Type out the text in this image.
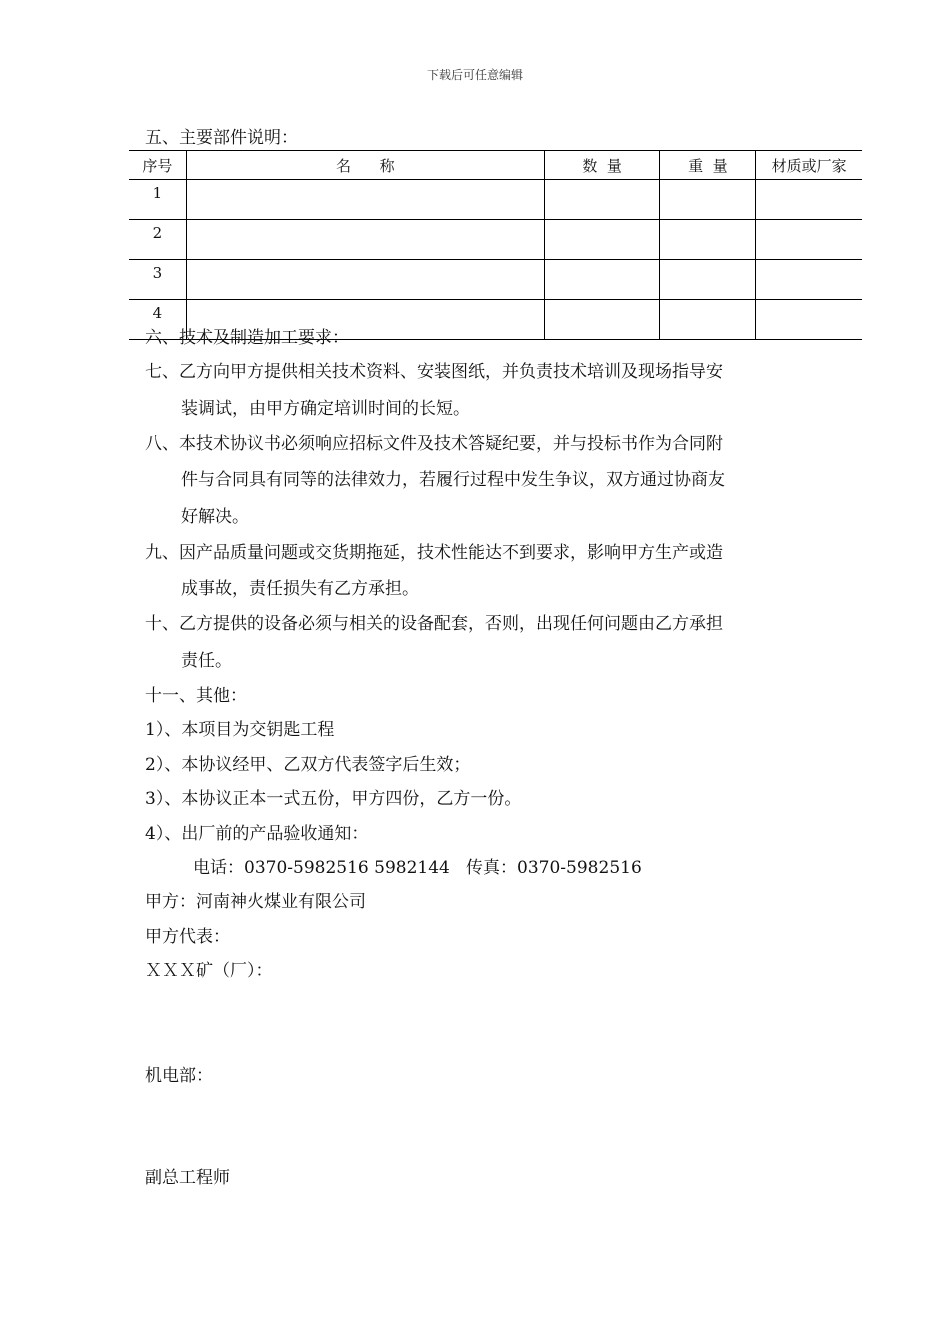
下载后可任意编辑
五、主要部件说明：
序号	名      称	数  量	重  量	材质或厂家
1				
2				
3				
4				
六、技术及制造加工要求：
七、乙方向甲方提供相关技术资料、安装图纸，并负责技术培训及现场指导安
装调试，由甲方确定培训时间的长短。
八、本技术协议书必须响应招标文件及技术答疑纪要，并与投标书作为合同附
件与合同具有同等的法律效力，若履行过程中发生争议，双方通过协商友
好解决。
九、因产品质量问题或交货期拖延，技术性能达不到要求，影响甲方生产或造
成事故，责任损失有乙方承担。
十、乙方提供的设备必须与相关的设备配套，否则，出现任何问题由乙方承担
责任。
十一、其他：
1）、本项目为交钥匙工程
2）、本协议经甲、乙双方代表签字后生效；
3）、本协议正本一式五份，甲方四份，乙方一份。
4）、出厂前的产品验收通知：
电话：0370-5982516 5982144   传真：0370-5982516
甲方：河南神火煤业有限公司
甲方代表：
ＸＸＸ矿（厂）：
机电部：
副总工程师
